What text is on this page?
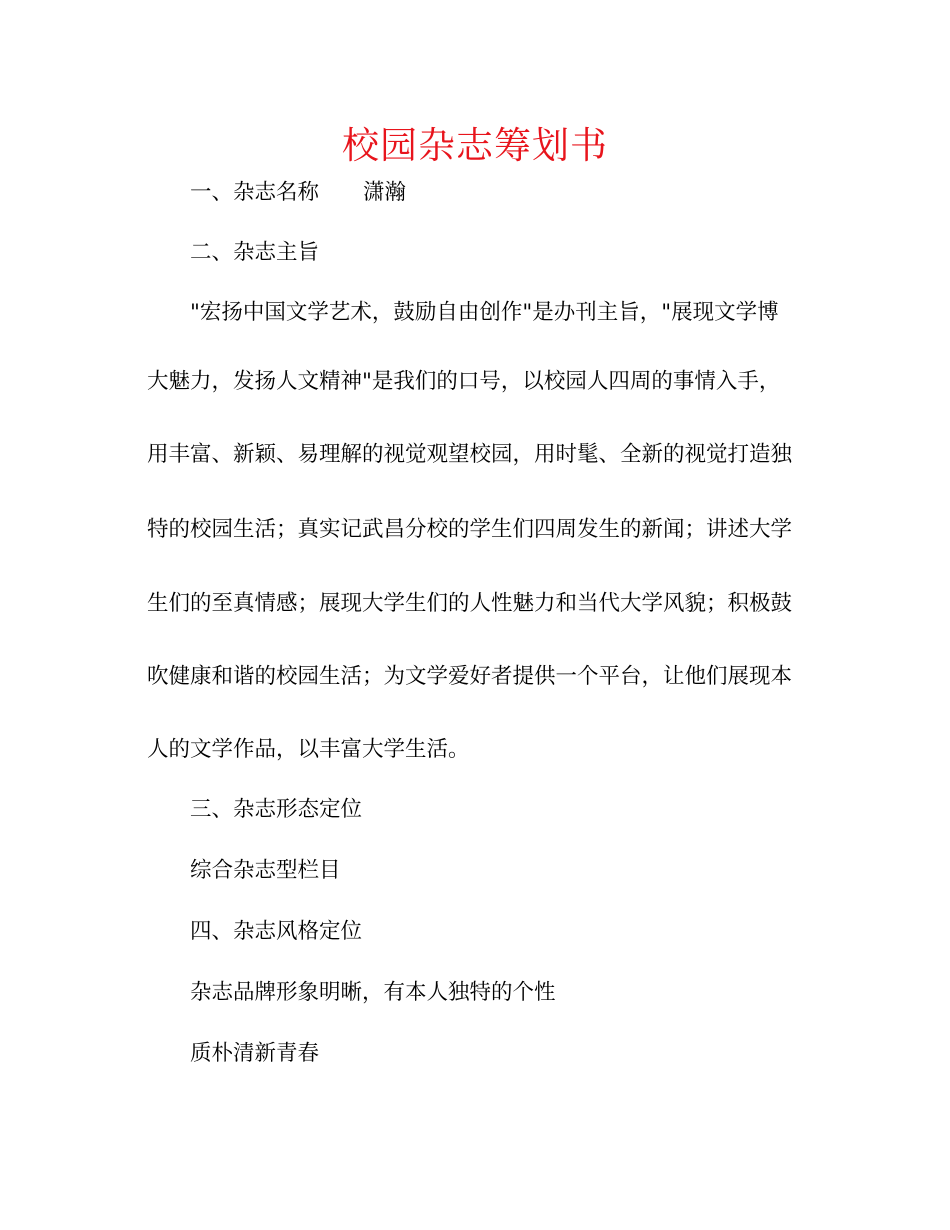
校园杂志筹划书
一、杂志名称 潇瀚
二、杂志主旨
"宏扬中国文学艺术，鼓励自由创作"是办刊主旨，"展现文学博
大魅力，发扬人文精神"是我们的口号，以校园人四周的事情入手，
用丰富、新颖、易理解的视觉观望校园，用时髦、全新的视觉打造独
特的校园生活；真实记武昌分校的学生们四周发生的新闻；讲述大学
生们的至真情感；展现大学生们的人性魅力和当代大学风貌；积极鼓
吹健康和谐的校园生活；为文学爱好者提供一个平台，让他们展现本
人的文学作品，以丰富大学生活。
三、杂志形态定位
综合杂志型栏目
四、杂志风格定位
杂志品牌形象明晰，有本人独特的个性
质朴清新青春
